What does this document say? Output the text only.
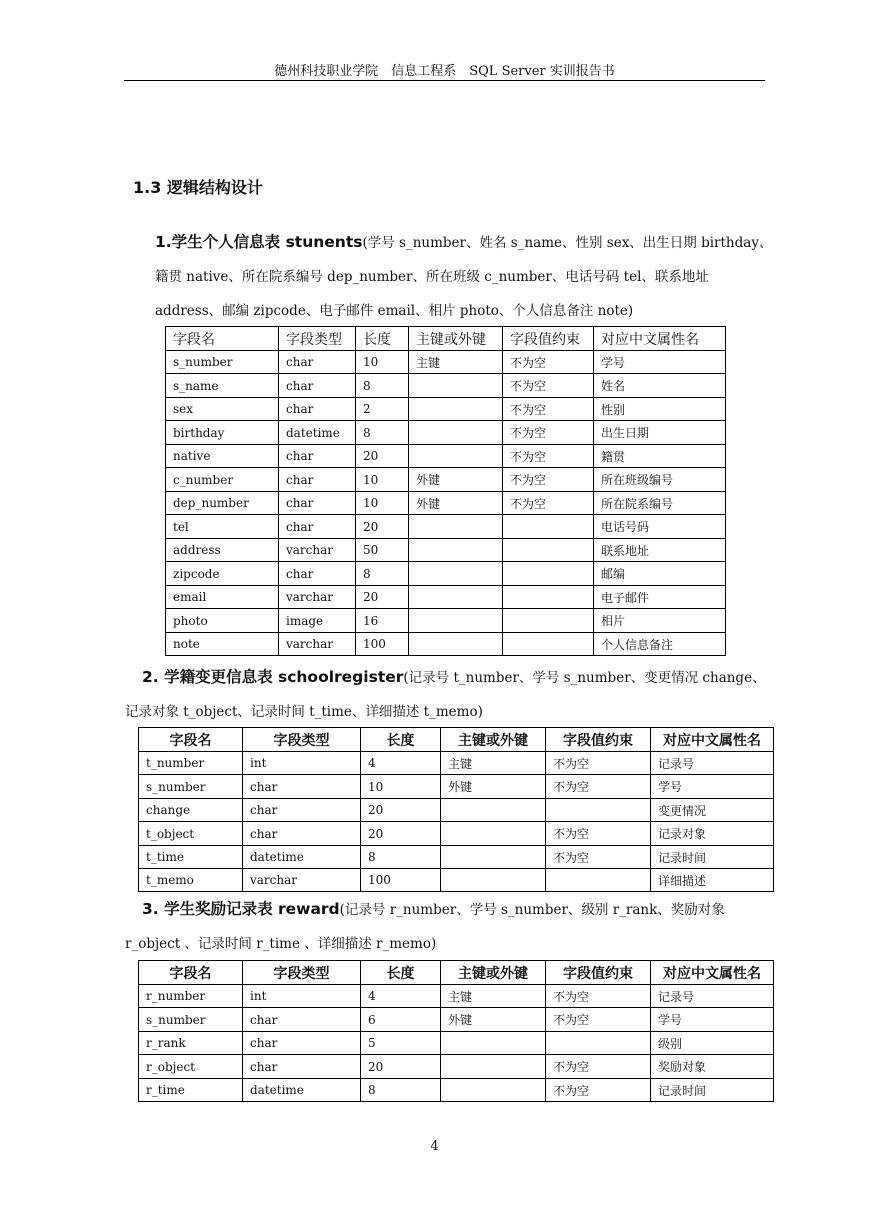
德州科技职业学院　信息工程系　SQL Server 实训报告书
1.3 逻辑结构设计
1.学生个人信息表 stunents(学号 s_number、姓名 s_name、性别 sex、出生日期 birthday、
籍贯 native、所在院系编号 dep_number、所在班级 c_number、电话号码 tel、联系地址
address、邮编 zipcode、电子邮件 email、相片 photo、个人信息备注 note)
字段名	字段类型	长度	主键或外键	字段值约束	对应中文属性名
s_number	char	10	主键	不为空	学号
s_name	char	8		不为空	姓名
sex	char	2		不为空	性别
birthday	datetime	8		不为空	出生日期
native	char	20		不为空	籍贯
c_number	char	10	外键	不为空	所在班级编号
dep_number	char	10	外键	不为空	所在院系编号
tel	char	20			电话号码
address	varchar	50			联系地址
zipcode	char	8			邮编
email	varchar	20			电子邮件
photo	image	16			相片
note	varchar	100			个人信息备注
2. 学籍变更信息表 schoolregister(记录号 t_number、学号 s_number、变更情况 change、
记录对象 t_object、记录时间 t_time、详细描述 t_memo)
字段名	字段类型	长度	主键或外键	字段值约束	对应中文属性名
t_number	int	4	主键	不为空	记录号
s_number	char	10	外键	不为空	学号
change	char	20			变更情况
t_object	char	20		不为空	记录对象
t_time	datetime	8		不为空	记录时间
t_memo	varchar	100			详细描述
3. 学生奖励记录表 reward(记录号 r_number、学号 s_number、级别 r_rank、奖励对象
r_object 、记录时间 r_time 、详细描述 r_memo)
字段名	字段类型	长度	主键或外键	字段值约束	对应中文属性名
r_number	int	4	主键	不为空	记录号
s_number	char	6	外键	不为空	学号
r_rank	char	5			级别
r_object	char	20		不为空	奖励对象
r_time	datetime	8		不为空	记录时间
4
